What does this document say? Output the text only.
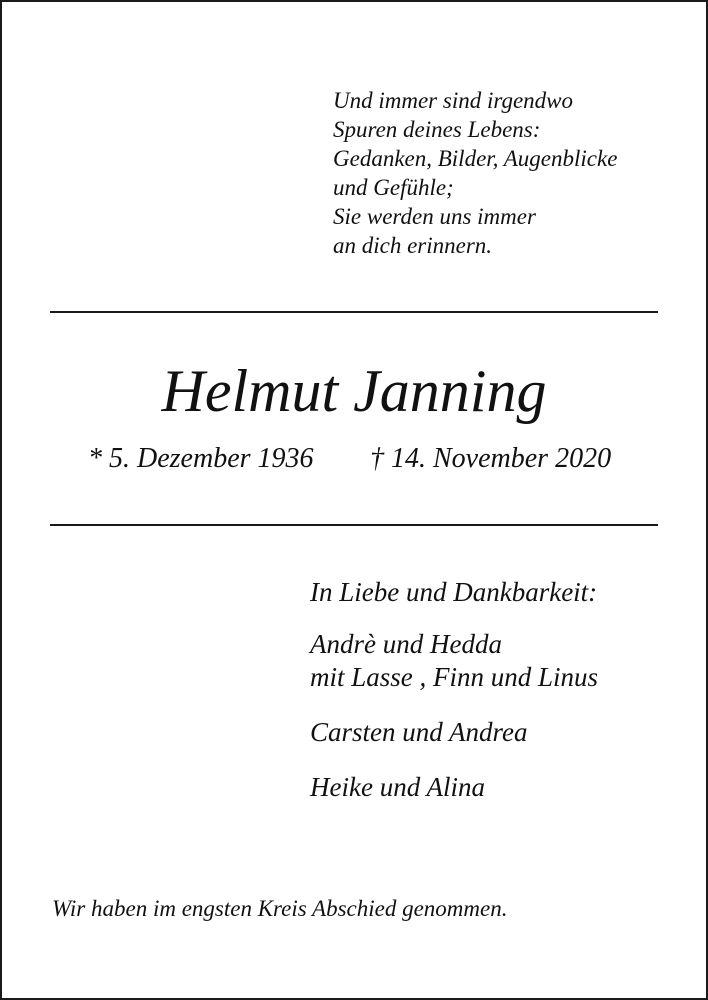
Und immer sind irgendwo
Spuren deines Lebens:
Gedanken, Bilder, Augenblicke
und Gefühle;
Sie werden uns immer
an dich erinnern.
Helmut Janning
* 5. Dezember 1936 † 14. November 2020
In Liebe und Dankbarkeit:
Andrè und Hedda
mit Lasse , Finn und Linus
Carsten und Andrea
Heike und Alina
Wir haben im engsten Kreis Abschied genommen.
